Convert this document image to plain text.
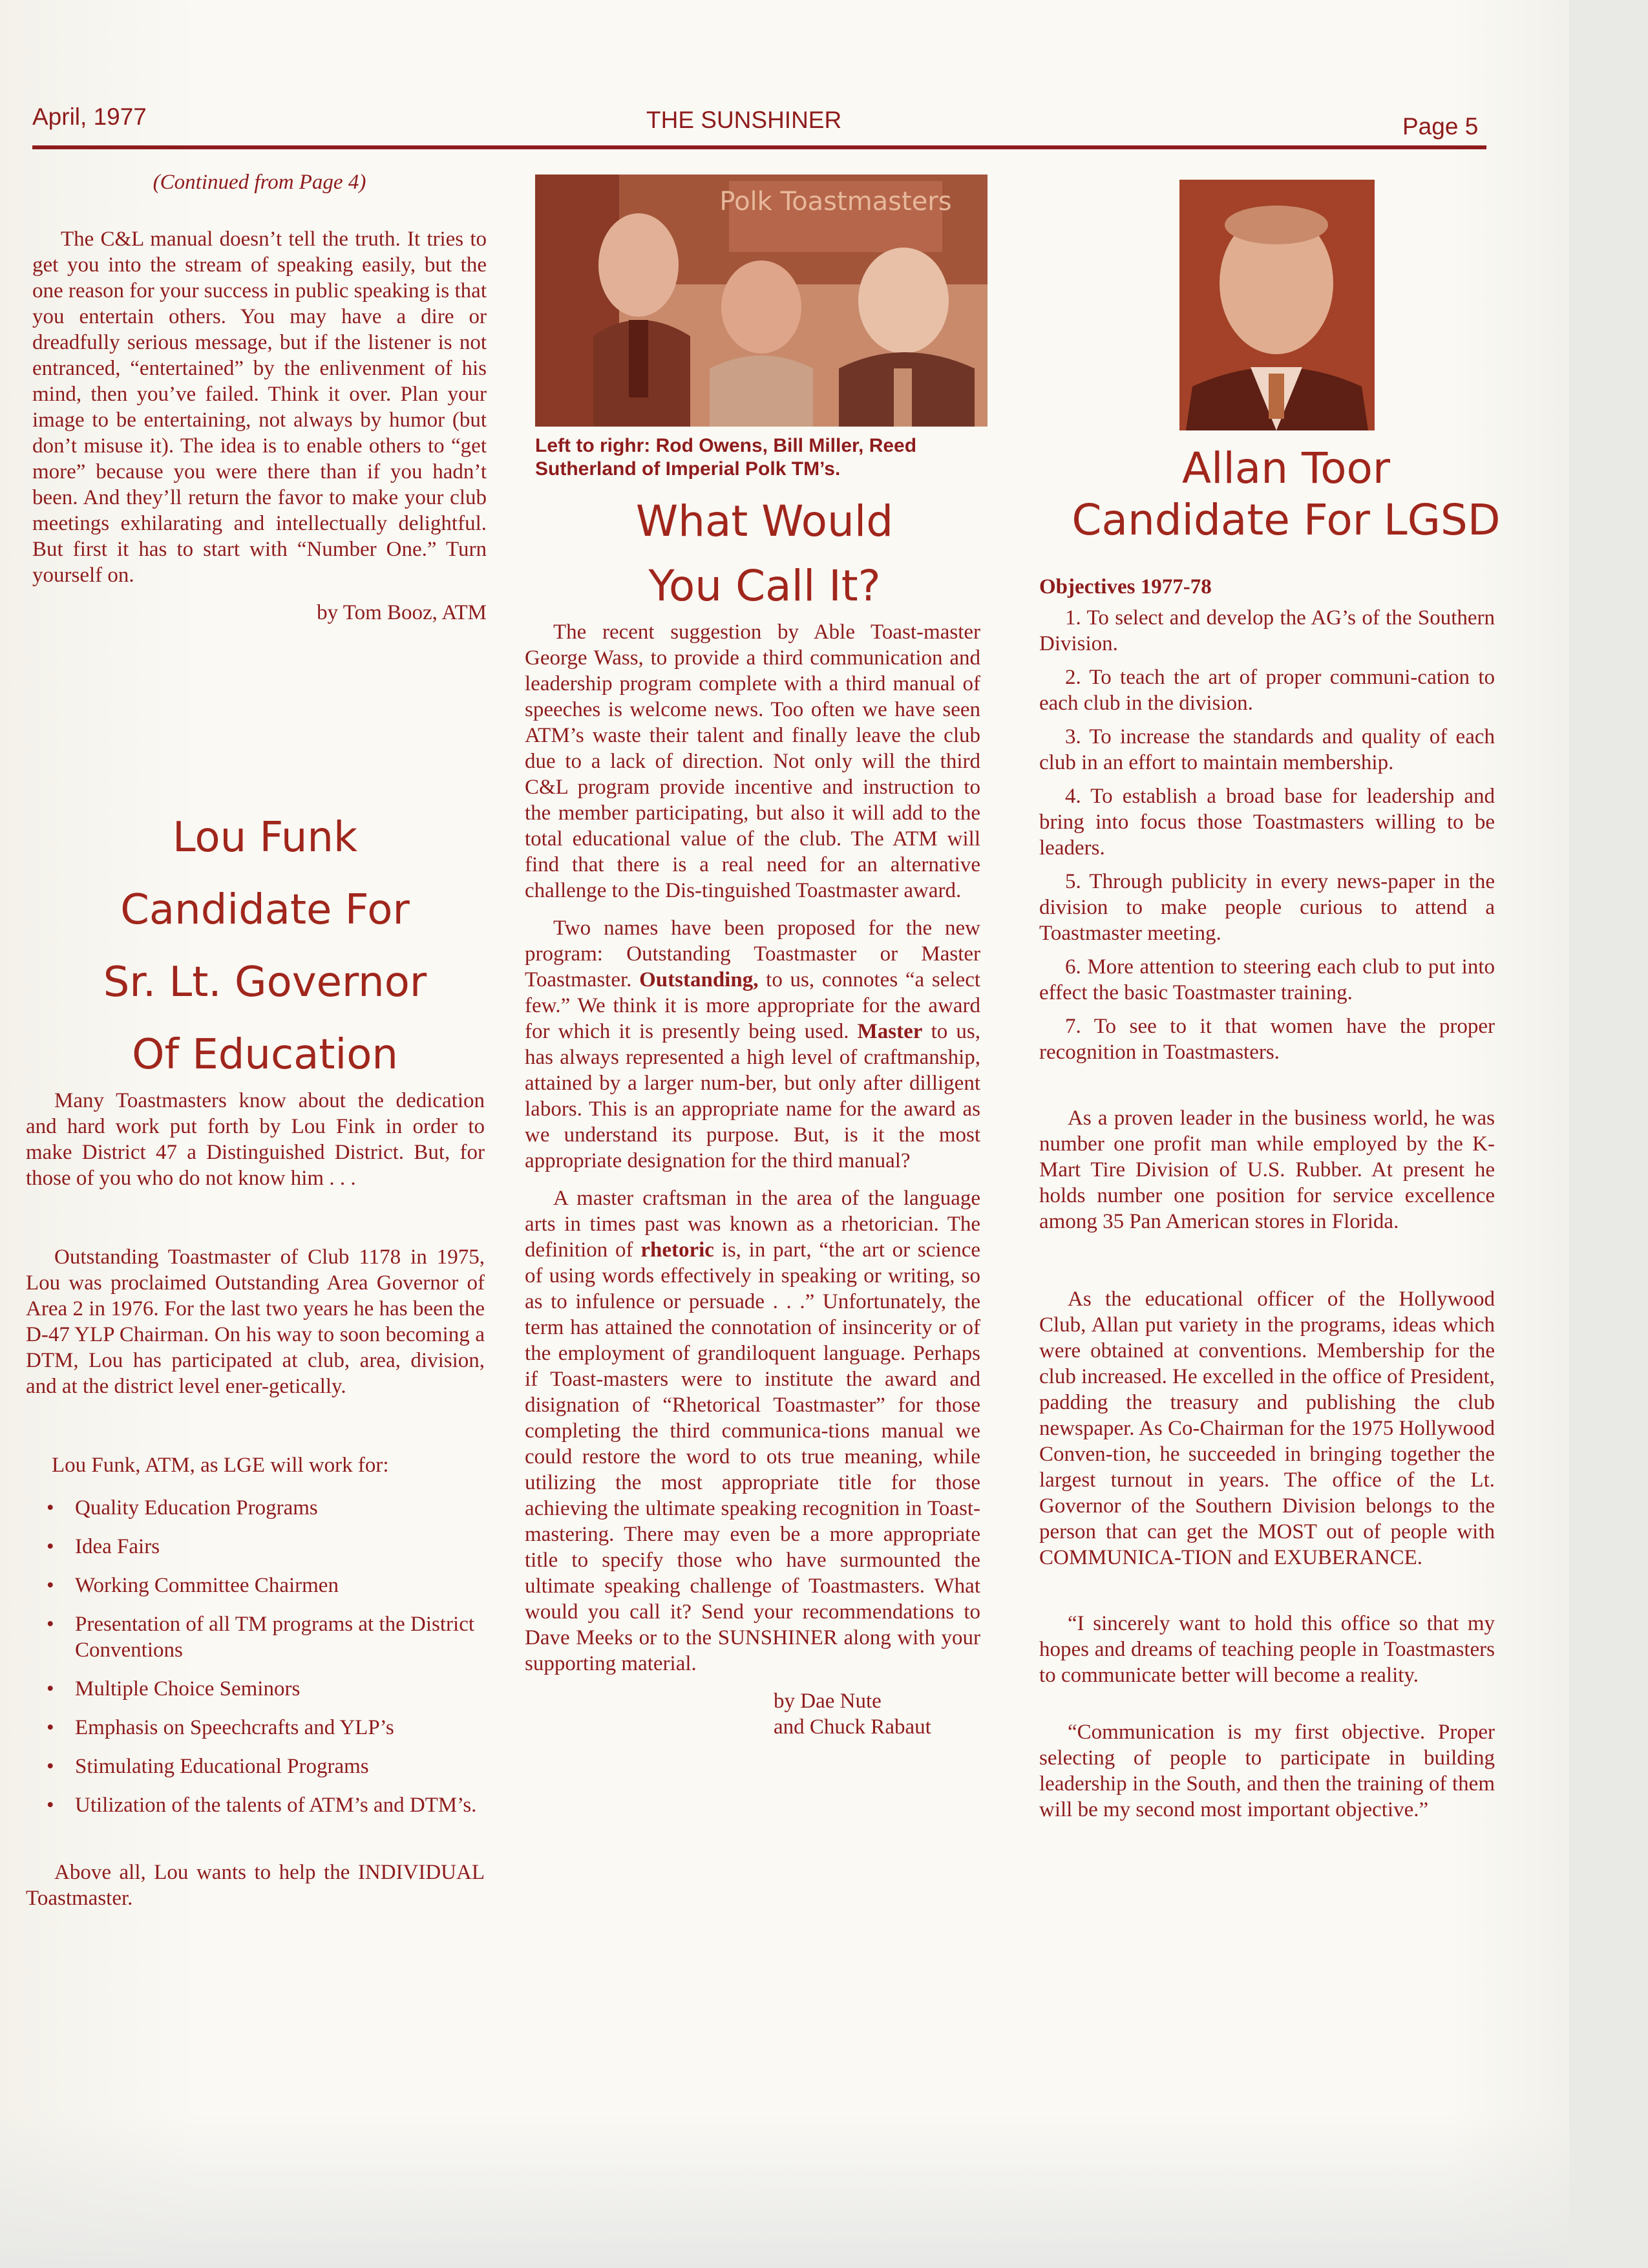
April, 1977	THE SUNSHINER	Page 5
(Continued from Page 4)

The C&L manual doesn’t tell the truth. It tries to get you into the stream of speaking easily, but the one reason for your success in public speaking is that you entertain others. You may have a dire or dreadfully serious message, but if the listener is not entranced, “entertained” by the enlivenment of his mind, then you’ve failed. Think it over. Plan your image to be entertaining, not always by humor (but don’t misuse it). The idea is to enable others to “get more” because you were there than if you hadn’t been. And they’ll return the favor to make your club meetings exhilarating and intellectually delightful. But first it has to start with “Number One.” Turn yourself on.

by Tom Booz, ATM
Lou Funk
Candidate For
Sr. Lt. Governor
Of Education

Many Toastmasters know about the dedication and hard work put forth by Lou Fink in order to make District 47 a Distinguished District. But, for those of you who do not know him . . .

Outstanding Toastmaster of Club 1178 in 1975, Lou was proclaimed Outstanding Area Governor of Area 2 in 1976. For the last two years he has been the D-47 YLP Chairman. On his way to soon becoming a DTM, Lou has participated at club, area, division, and at the district level ener-getically.

Lou Funk, ATM, as LGE will work for:

• Quality Education Programs
• Idea Fairs
• Working Committee Chairmen
• Presentation of all TM programs at the District Conventions
• Multiple Choice Seminors
• Emphasis on Speechcrafts and YLP’s
• Stimulating Educational Programs
• Utilization of the talents of ATM’s and DTM’s.

Above all, Lou wants to help the INDIVIDUAL Toastmaster.

Polk Toastmasters
Left to righr: Rod Owens, Bill Miller, Reed Sutherland of Imperial Polk TM’s.
What Would
You Call It?

The recent suggestion by Able Toast-master George Wass, to provide a third communication and leadership program complete with a third manual of speeches is welcome news. Too often we have seen ATM’s waste their talent and finally leave the club due to a lack of direction. Not only will the third C&L program provide incentive and instruction to the member participating, but also it will add to the total educational value of the club. The ATM will find that there is a real need for an alternative challenge to the Dis-tinguished Toastmaster award.

Two names have been proposed for the new program: Outstanding Toastmaster or Master Toastmaster. Outstanding, to us, connotes “a select few.” We think it is more appropriate for the award for which it is presently being used. Master to us, has always represented a high level of craftmanship, attained by a larger num-ber, but only after dilligent labors. This is an appropriate name for the award as we understand its purpose. But, is it the most appropriate designation for the third manual?

A master craftsman in the area of the language arts in times past was known as a rhetorician. The definition of rhetoric is, in part, “the art or science of using words effectively in speaking or writing, so as to infulence or persuade . . .” Unfortunately, the term has attained the connotation of insincerity or of the employment of grandiloquent language. Perhaps if Toast-masters were to institute the award and disignation of “Rhetorical Toastmaster” for those completing the third communica-tions manual we could restore the word to ots true meaning, while utilizing the most appropriate title for those achieving the ultimate speaking recognition in Toast-mastering. There may even be a more appropriate title to specify those who have surmounted the ultimate speaking challenge of Toastmasters. What would you call it? Send your recommendations to Dave Meeks or to the SUNSHINER along with your supporting material.

by Dae Nute
and Chuck Rabaut
Allan Toor
Candidate For LGSD
Objectives 1977-78
1. To select and develop the AG’s of the Southern Division.
2. To teach the art of proper communi-cation to each club in the division.
3. To increase the standards and quality of each club in an effort to maintain membership.
4. To establish a broad base for leadership and bring into focus those Toastmasters willing to be leaders.
5. Through publicity in every news-paper in the division to make people curious to attend a Toastmaster meeting.
6. More attention to steering each club to put into effect the basic Toastmaster training.
7. To see to it that women have the proper recognition in Toastmasters.

As a proven leader in the business world, he was number one profit man while employed by the K-Mart Tire Division of U.S. Rubber. At present he holds number one position for service excellence among 35 Pan American stores in Florida.

As the educational officer of the Hollywood Club, Allan put variety in the programs, ideas which were obtained at conventions. Membership for the club increased. He excelled in the office of President, padding the treasury and publishing the club newspaper. As Co-Chairman for the 1975 Hollywood Conven-tion, he succeeded in bringing together the largest turnout in years. The office of the Lt. Governor of the Southern Division belongs to the person that can get the MOST out of people with COMMUNICA-TION and EXUBERANCE.

“I sincerely want to hold this office so that my hopes and dreams of teaching people in Toastmasters to communicate better will become a reality.

“Communication is my first objective. Proper selecting of people to participate in building leadership in the South, and then the training of them will be my second most important objective.”
